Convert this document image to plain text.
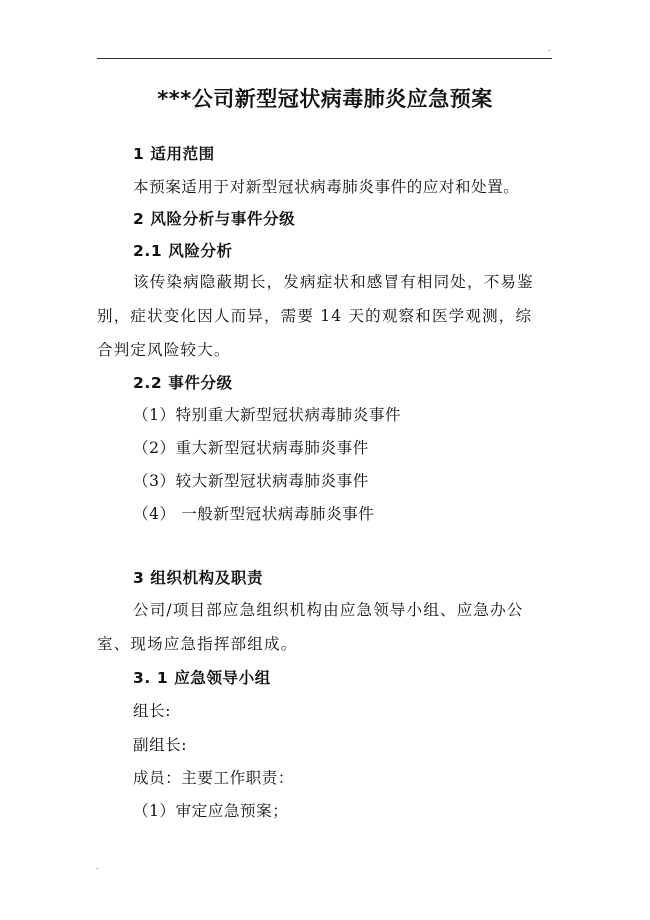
.
***公司新型冠状病毒肺炎应急预案
1 适用范围
本预案适用于对新型冠状病毒肺炎事件的应对和处置。
2 风险分析与事件分级
2.1 风险分析
该传染病隐蔽期长，发病症状和感冒有相同处，不易鉴
别，症状变化因人而异，需要 14 天的观察和医学观测，综
合判定风险较大。
2.2 事件分级
（1）特别重大新型冠状病毒肺炎事件
（2）重大新型冠状病毒肺炎事件
（3）较大新型冠状病毒肺炎事件
（4） 一般新型冠状病毒肺炎事件
3 组织机构及职责
公司/项目部应急组织机构由应急领导小组、应急办公
室、现场应急指挥部组成。
3. 1 应急领导小组
组长:
副组长:
成员：主要工作职责：
（1）审定应急预案；
.
